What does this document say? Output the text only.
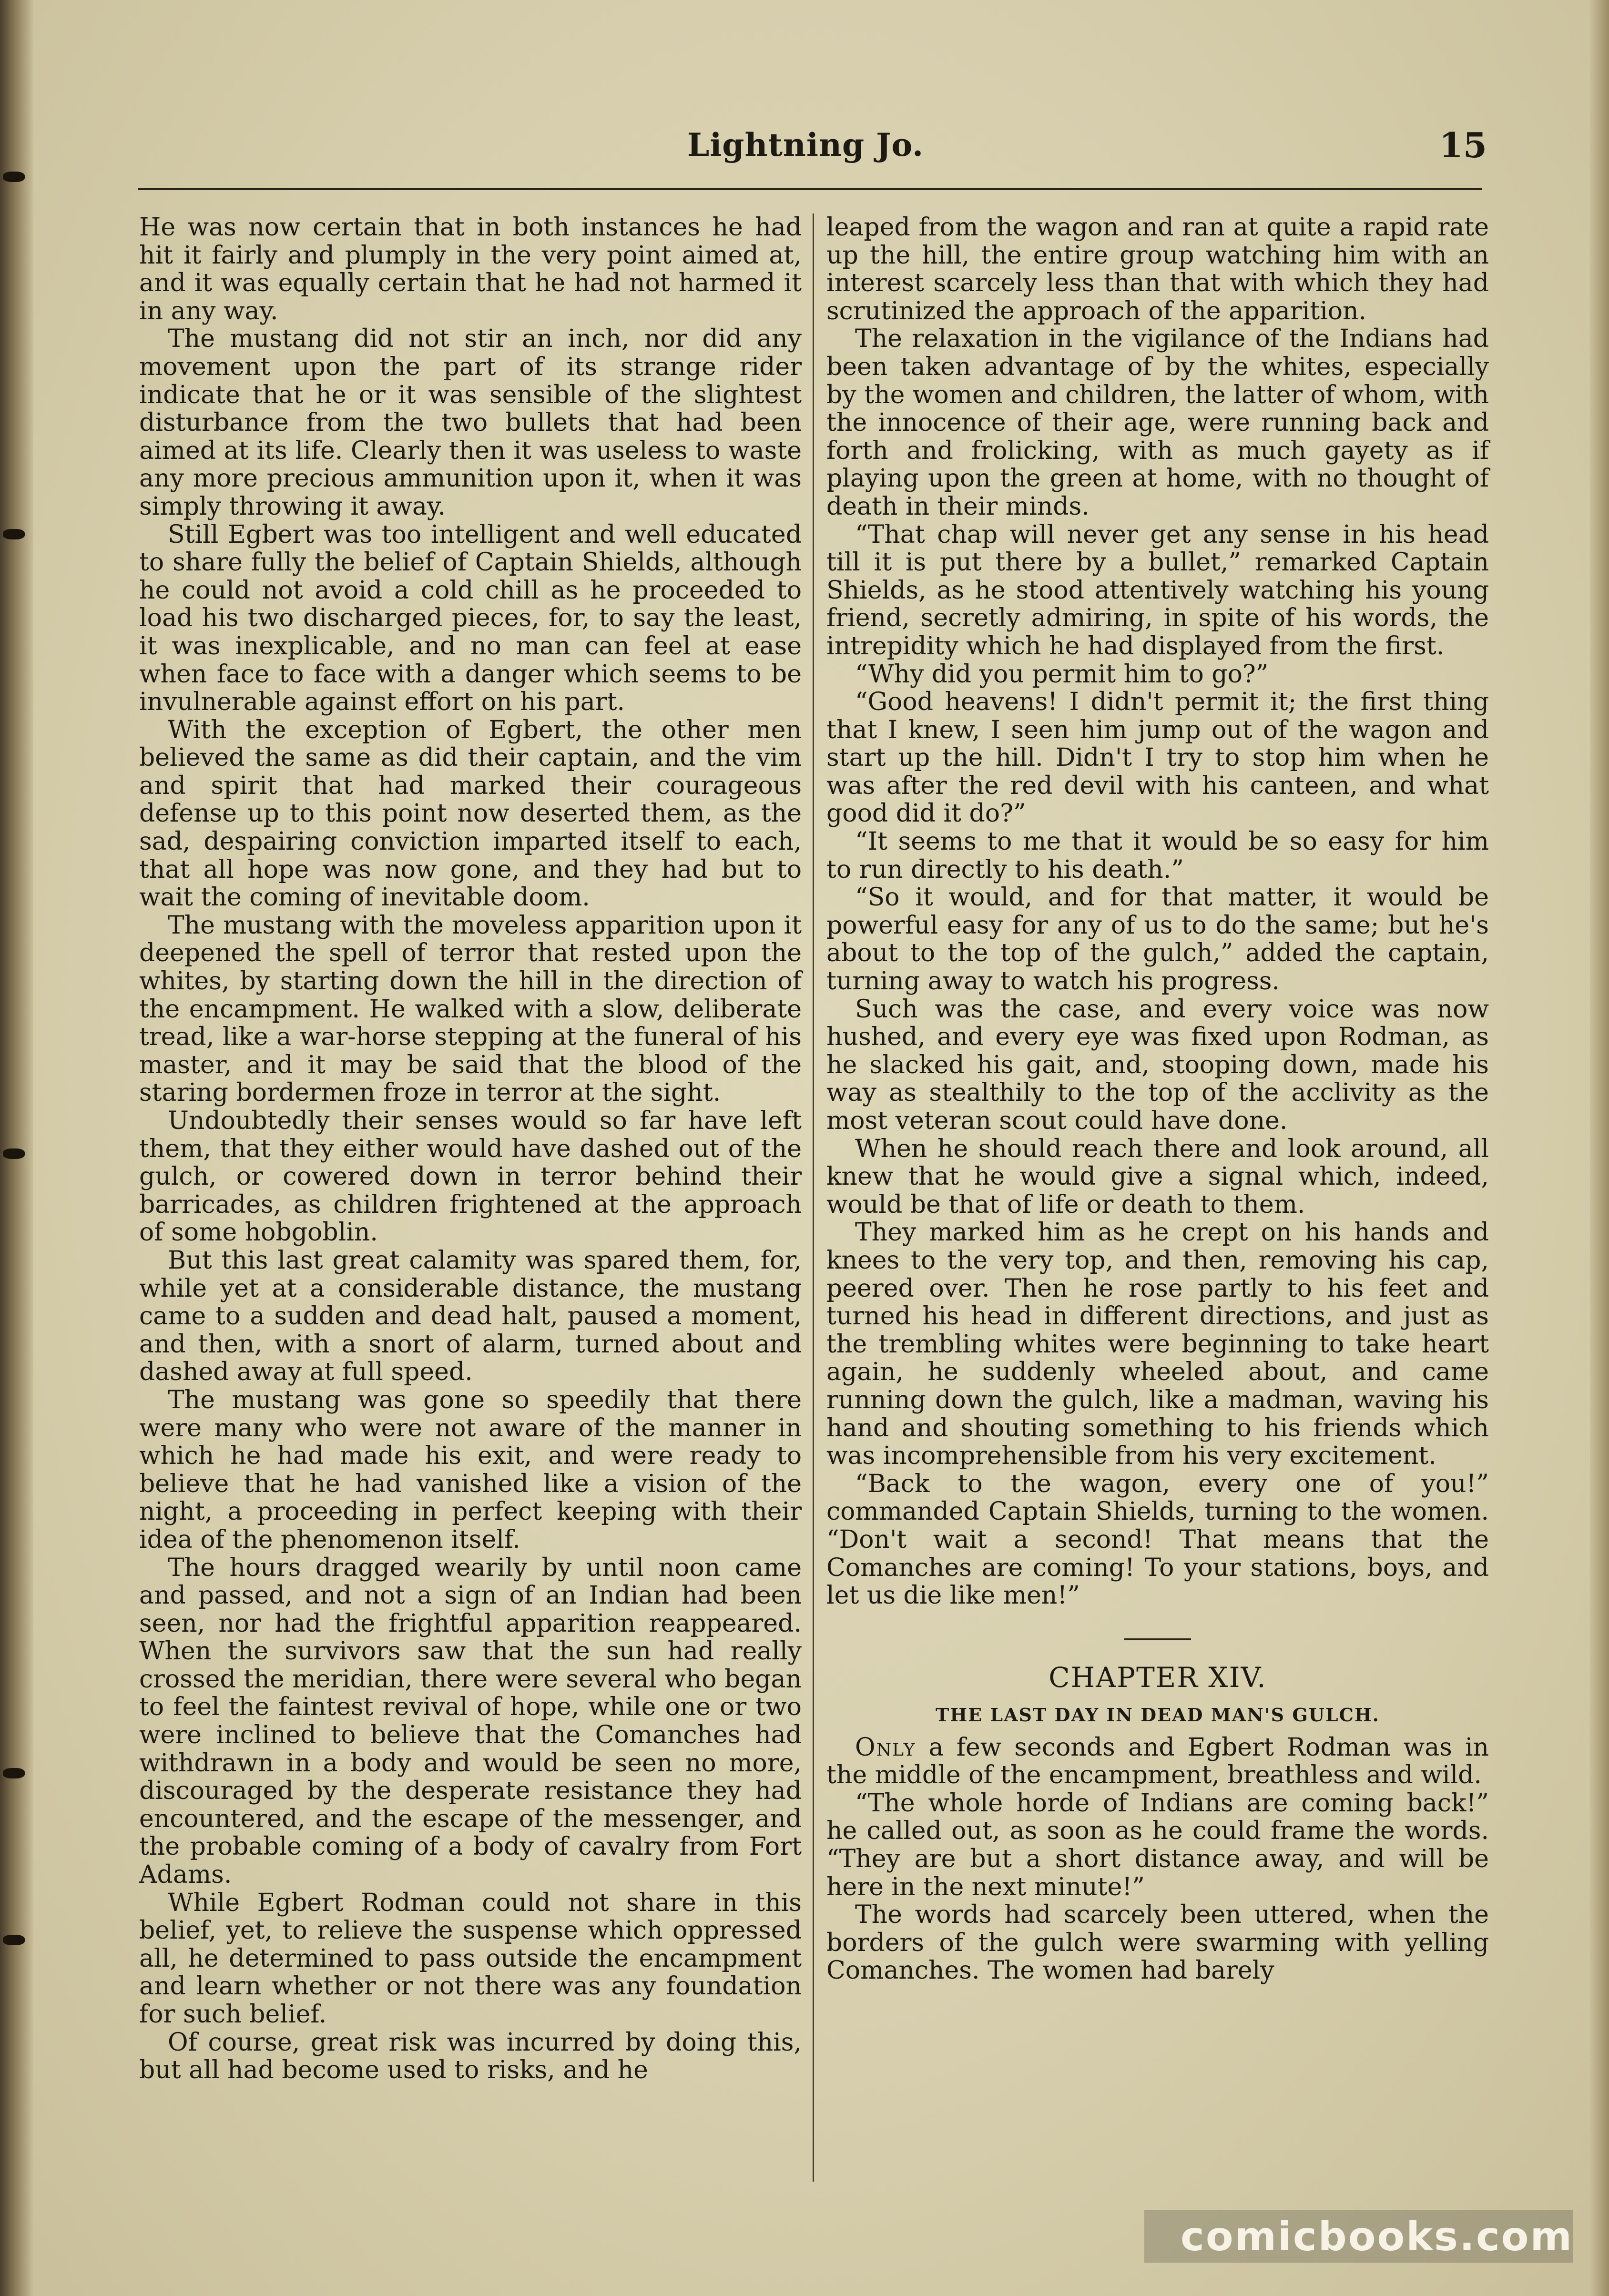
Lightning Jo.	15

He was now certain that in both instances he had hit it fairly and plumply in the very point aimed at, and it was equally certain that he had not harmed it in any way.

The mustang did not stir an inch, nor did any movement upon the part of its strange rider indicate that he or it was sensible of the slightest disturbance from the two bullets that had been aimed at its life. Clearly then it was useless to waste any more precious ammunition upon it, when it was simply throwing it away.

Still Egbert was too intelligent and well educated to share fully the belief of Captain Shields, although he could not avoid a cold chill as he proceeded to load his two discharged pieces, for, to say the least, it was inexplicable, and no man can feel at ease when face to face with a danger which seems to be invulnerable against effort on his part.

With the exception of Egbert, the other men believed the same as did their captain, and the vim and spirit that had marked their courageous defense up to this point now deserted them, as the sad, despairing conviction imparted itself to each, that all hope was now gone, and they had but to wait the coming of inevitable doom.

The mustang with the moveless apparition upon it deepened the spell of terror that rested upon the whites, by starting down the hill in the direction of the encampment. He walked with a slow, deliberate tread, like a war-horse stepping at the funeral of his master, and it may be said that the blood of the staring bordermen froze in terror at the sight.

Undoubtedly their senses would so far have left them, that they either would have dashed out of the gulch, or cowered down in terror behind their barricades, as children frightened at the approach of some hobgoblin.

But this last great calamity was spared them, for, while yet at a considerable distance, the mustang came to a sudden and dead halt, paused a moment, and then, with a snort of alarm, turned about and dashed away at full speed.

The mustang was gone so speedily that there were many who were not aware of the manner in which he had made his exit, and were ready to believe that he had vanished like a vision of the night, a proceeding in perfect keeping with their idea of the phenomenon itself.

The hours dragged wearily by until noon came and passed, and not a sign of an Indian had been seen, nor had the frightful apparition reappeared. When the survivors saw that the sun had really crossed the meridian, there were several who began to feel the faintest revival of hope, while one or two were inclined to believe that the Comanches had withdrawn in a body and would be seen no more, discouraged by the desperate resistance they had encountered, and the escape of the messenger, and the probable coming of a body of cavalry from Fort Adams.

While Egbert Rodman could not share in this belief, yet, to relieve the suspense which oppressed all, he determined to pass outside the encampment and learn whether or not there was any foundation for such belief.

Of course, great risk was incurred by doing this, but all had become used to risks, and he

leaped from the wagon and ran at quite a rapid rate up the hill, the entire group watching him with an interest scarcely less than that with which they had scrutinized the approach of the apparition.

The relaxation in the vigilance of the Indians had been taken advantage of by the whites, especially by the women and children, the latter of whom, with the innocence of their age, were running back and forth and frolicking, with as much gayety as if playing upon the green at home, with no thought of death in their minds.

“That chap will never get any sense in his head till it is put there by a bullet,” remarked Captain Shields, as he stood attentively watching his young friend, secretly admiring, in spite of his words, the intrepidity which he had displayed from the first.

“Why did you permit him to go?”

“Good heavens! I didn't permit it; the first thing that I knew, I seen him jump out of the wagon and start up the hill. Didn't I try to stop him when he was after the red devil with his canteen, and what good did it do?”

“It seems to me that it would be so easy for him to run directly to his death.”

“So it would, and for that matter, it would be powerful easy for any of us to do the same; but he's about to the top of the gulch,” added the captain, turning away to watch his progress.

Such was the case, and every voice was now hushed, and every eye was fixed upon Rodman, as he slacked his gait, and, stooping down, made his way as stealthily to the top of the acclivity as the most veteran scout could have done.

When he should reach there and look around, all knew that he would give a signal which, indeed, would be that of life or death to them.

They marked him as he crept on his hands and knees to the very top, and then, removing his cap, peered over. Then he rose partly to his feet and turned his head in different directions, and just as the trembling whites were beginning to take heart again, he suddenly wheeled about, and came running down the gulch, like a madman, waving his hand and shouting something to his friends which was incomprehensible from his very excitement.

“Back to the wagon, every one of you!” commanded Captain Shields, turning to the women. “Don't wait a second! That means that the Comanches are coming! To your stations, boys, and let us die like men!”

CHAPTER XIV.
THE LAST DAY IN DEAD MAN'S GULCH.

Only a few seconds and Egbert Rodman was in the middle of the encampment, breathless and wild.

“The whole horde of Indians are coming back!” he called out, as soon as he could frame the words. “They are but a short distance away, and will be here in the next minute!”

The words had scarcely been uttered, when the borders of the gulch were swarming with yelling Comanches. The women had barely

comicbooks.com
